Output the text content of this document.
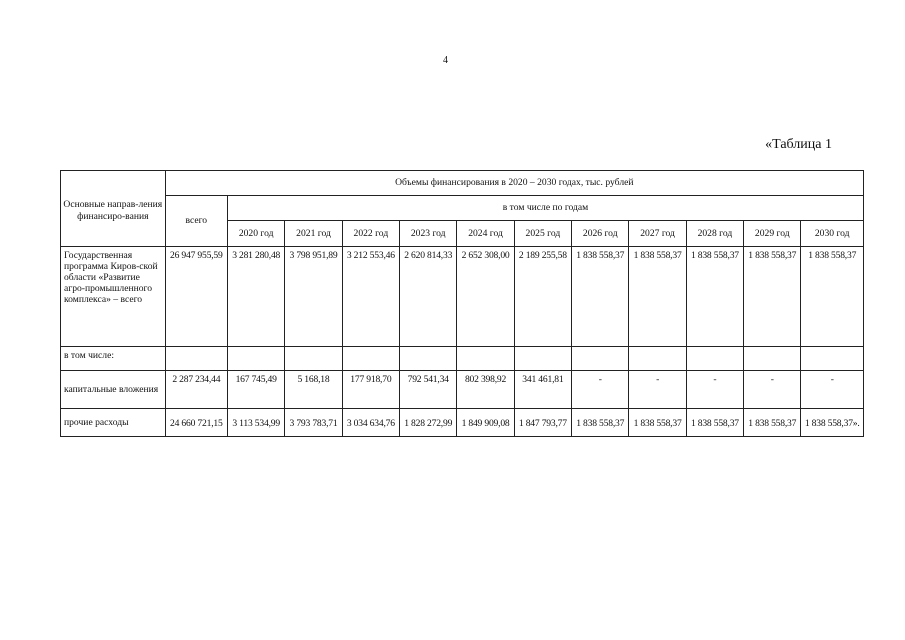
4
«Таблица 1
Основные направ-ления финансиро-вания	Объемы финансирования в 2020 – 2030 годах, тыс. рублей											
	всего	в том числе по годам										
		2020 год	2021 год	2022 год	2023 год	2024 год	2025 год	2026 год	2027 год	2028 год	2029 год	2030 год
Государственная программа Киров-ской области «Развитие агро-промышленного комплекса» – всего	26 947 955,59	3 281 280,48	3 798 951,89	3 212 553,46	2 620 814,33	2 652 308,00	2 189 255,58	1 838 558,37	1 838 558,37	1 838 558,37	1 838 558,37	1 838 558,37
в том числе:												
капитальные вложения	2 287 234,44	167 745,49	5 168,18	177 918,70	792 541,34	802 398,92	341 461,81	-	-	-	-	-
прочие расходы	24 660 721,15	3 113 534,99	3 793 783,71	3 034 634,76	1 828 272,99	1 849 909,08	1 847 793,77	1 838 558,37	1 838 558,37	1 838 558,37	1 838 558,37	1 838 558,37».
